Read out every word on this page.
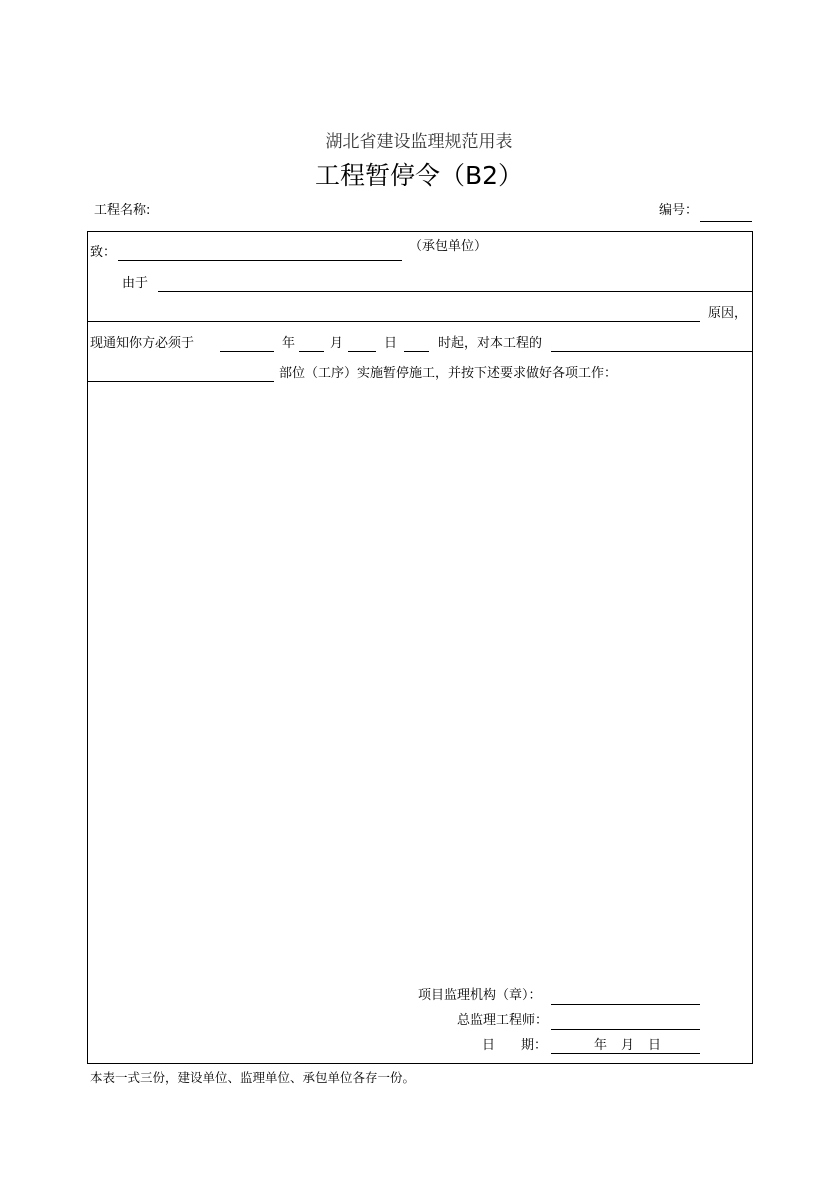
湖北省建设监理规范用表
工程暂停令（B2）
工程名称:	编号：
致：	（承包单位）
由于
原因，
现通知你方必须于	年	月	日	时起，对本工程的
部位（工序）实施暂停施工，并按下述要求做好各项工作：
项目监理机构（章）：
总监理工程师：
日　　期：	年 月 日
本表一式三份，建设单位、监理单位、承包单位各存一份。
